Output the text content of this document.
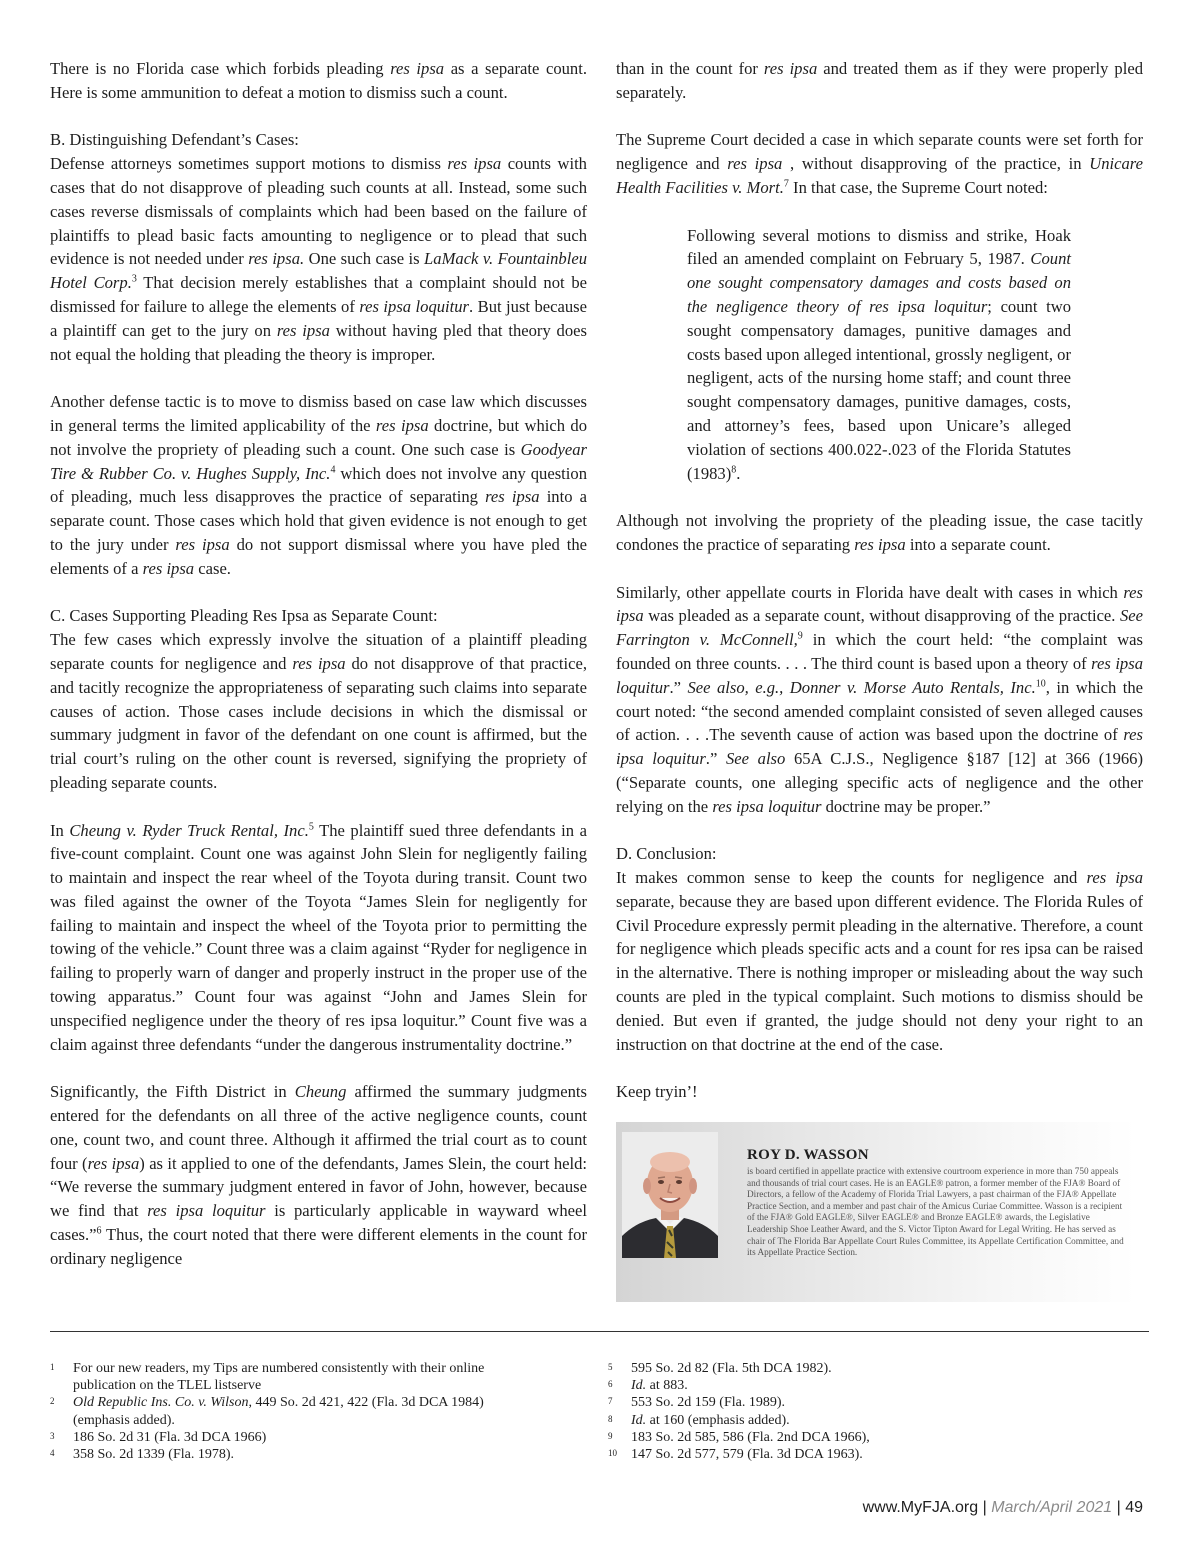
There is no Florida case which forbids pleading res ipsa as a separate count. Here is some ammunition to defeat a motion to dismiss such a count.

B. Distinguishing Defendant’s Cases:
Defense attorneys sometimes support motions to dismiss res ipsa counts with cases that do not disapprove of pleading such counts at all. Instead, some such cases reverse dismissals of complaints which had been based on the failure of plaintiffs to plead basic facts amounting to negligence or to plead that such evidence is not needed under res ipsa. One such case is LaMack v. Fountainbleu Hotel Corp.$^3$ That decision merely establishes that a complaint should not be dismissed for failure to allege the elements of res ipsa loquitur. But just because a plaintiff can get to the jury on res ipsa without having pled that theory does not equal the holding that pleading the theory is improper.

Another defense tactic is to move to dismiss based on case law which discusses in general terms the limited applicability of the res ipsa doctrine, but which do not involve the propriety of pleading such a count. One such case is Goodyear Tire & Rubber Co. v. Hughes Supply, Inc.$^4$ which does not involve any question of pleading, much less disapproves the practice of separating res ipsa into a separate count. Those cases which hold that given evidence is not enough to get to the jury under res ipsa do not support dismissal where you have pled the elements of a res ipsa case.

C. Cases Supporting Pleading Res Ipsa as Separate Count:
The few cases which expressly involve the situation of a plaintiff pleading separate counts for negligence and res ipsa do not disapprove of that practice, and tacitly recognize the appropriateness of separating such claims into separate causes of action. Those cases include decisions in which the dismissal or summary judgment in favor of the defendant on one count is affirmed, but the trial court’s ruling on the other count is reversed, signifying the propriety of pleading separate counts.

In Cheung v. Ryder Truck Rental, Inc.$^5$ The plaintiff sued three defendants in a five-count complaint. Count one was against John Slein for negligently failing to maintain and inspect the rear wheel of the Toyota during transit. Count two was filed against the owner of the Toyota “James Slein for negligently for failing to maintain and inspect the wheel of the Toyota prior to permitting the towing of the vehicle.” Count three was a claim against “Ryder for negligence in failing to properly warn of danger and properly instruct in the proper use of the towing apparatus.” Count four was against “John and James Slein for unspecified negligence under the theory of res ipsa loquitur.” Count five was a claim against three defendants “under the dangerous instrumentality doctrine.”

Significantly, the Fifth District in Cheung affirmed the summary judgments entered for the defendants on all three of the active negligence counts, count one, count two, and count three. Although it affirmed the trial court as to count four (res ipsa) as it applied to one of the defendants, James Slein, the court held: “We reverse the summary judgment entered in favor of John, however, because we find that res ipsa loquitur is particularly applicable in wayward wheel cases.”$^6$ Thus, the court noted that there were different elements in the count for ordinary negligence

than in the count for res ipsa and treated them as if they were properly pled separately.

The Supreme Court decided a case in which separate counts were set forth for negligence and res ipsa , without disapproving of the practice, in Unicare Health Facilities v. Mort.$^7$ In that case, the Supreme Court noted:

Following several motions to dismiss and strike, Hoak filed an amended complaint on February 5, 1987. Count one sought compensatory damages and costs based on the negligence theory of res ipsa loquitur; count two sought compensatory damages, punitive damages and costs based upon alleged intentional, grossly negligent, or negligent, acts of the nursing home staff; and count three sought compensatory damages, punitive damages, costs, and attorney’s fees, based upon Unicare’s alleged violation of sections 400.022-.023 of the Florida Statutes $(1983)^8$.

Although not involving the propriety of the pleading issue, the case tacitly condones the practice of separating res ipsa into a separate count.

Similarly, other appellate courts in Florida have dealt with cases in which res ipsa was pleaded as a separate count, without disapproving of the practice. See Farrington v. McConnell,$^9$ in which the court held: “the complaint was founded on three counts. . . . The third count is based upon a theory of res ipsa loquitur.” See also, e.g., Donner v. Morse Auto Rentals, Inc.$^{10}$, in which the court noted: “the second amended complaint consisted of seven alleged causes of action. . . .The seventh cause of action was based upon the doctrine of res ipsa loquitur.” See also 65A C.J.S., Negligence §187 [12] at 366 (1966)(“Separate counts, one alleging specific acts of negligence and the other relying on the res ipsa loquitur doctrine may be proper.”

D. Conclusion:
It makes common sense to keep the counts for negligence and res ipsa separate, because they are based upon different evidence. The Florida Rules of Civil Procedure expressly permit pleading in the alternative. Therefore, a count for negligence which pleads specific acts and a count for res ipsa can be raised in the alternative. There is nothing improper or misleading about the way such counts are pled in the typical complaint. Such motions to dismiss should be denied. But even if granted, the judge should not deny your right to an instruction on that doctrine at the end of the case.

Keep tryin’!

ROY D. WASSON
is board certified in appellate practice with extensive courtroom experience in more than 750 appeals and thousands of trial court cases. He is an EAGLE® patron, a former member of the FJA® Board of Directors, a fellow of the Academy of Florida Trial Lawyers, a past chairman of the FJA® Appellate Practice Section, and a member and past chair of the Amicus Curiae Committee. Wasson is a recipient of the FJA® Gold EAGLE®, Silver EAGLE® and Bronze EAGLE® awards, the Legislative Leadership Shoe Leather Award, and the S. Victor Tipton Award for Legal Writing. He has served as chair of The Florida Bar Appellate Court Rules Committee, its Appellate Certification Committee, and its Appellate Practice Section.
1	For our new readers, my Tips are numbered consistently with their online publication on the TLEL listserve
2	Old Republic Ins. Co. v. Wilson, 449 So. 2d 421, 422 (Fla. 3d DCA 1984) (emphasis added).
3	186 So. 2d 31 (Fla. 3d DCA 1966)
4	358 So. 2d 1339 (Fla. 1978).
5	595 So. 2d 82 (Fla. 5th DCA 1982).
6	Id. at 883.
7	553 So. 2d 159 (Fla. 1989).
8	Id. at 160 (emphasis added).
9	183 So. 2d 585, 586 (Fla. 2nd DCA 1966),
10	147 So. 2d 577, 579 (Fla. 3d DCA 1963).
www.MyFJA.org | March/April 2021 | 49
